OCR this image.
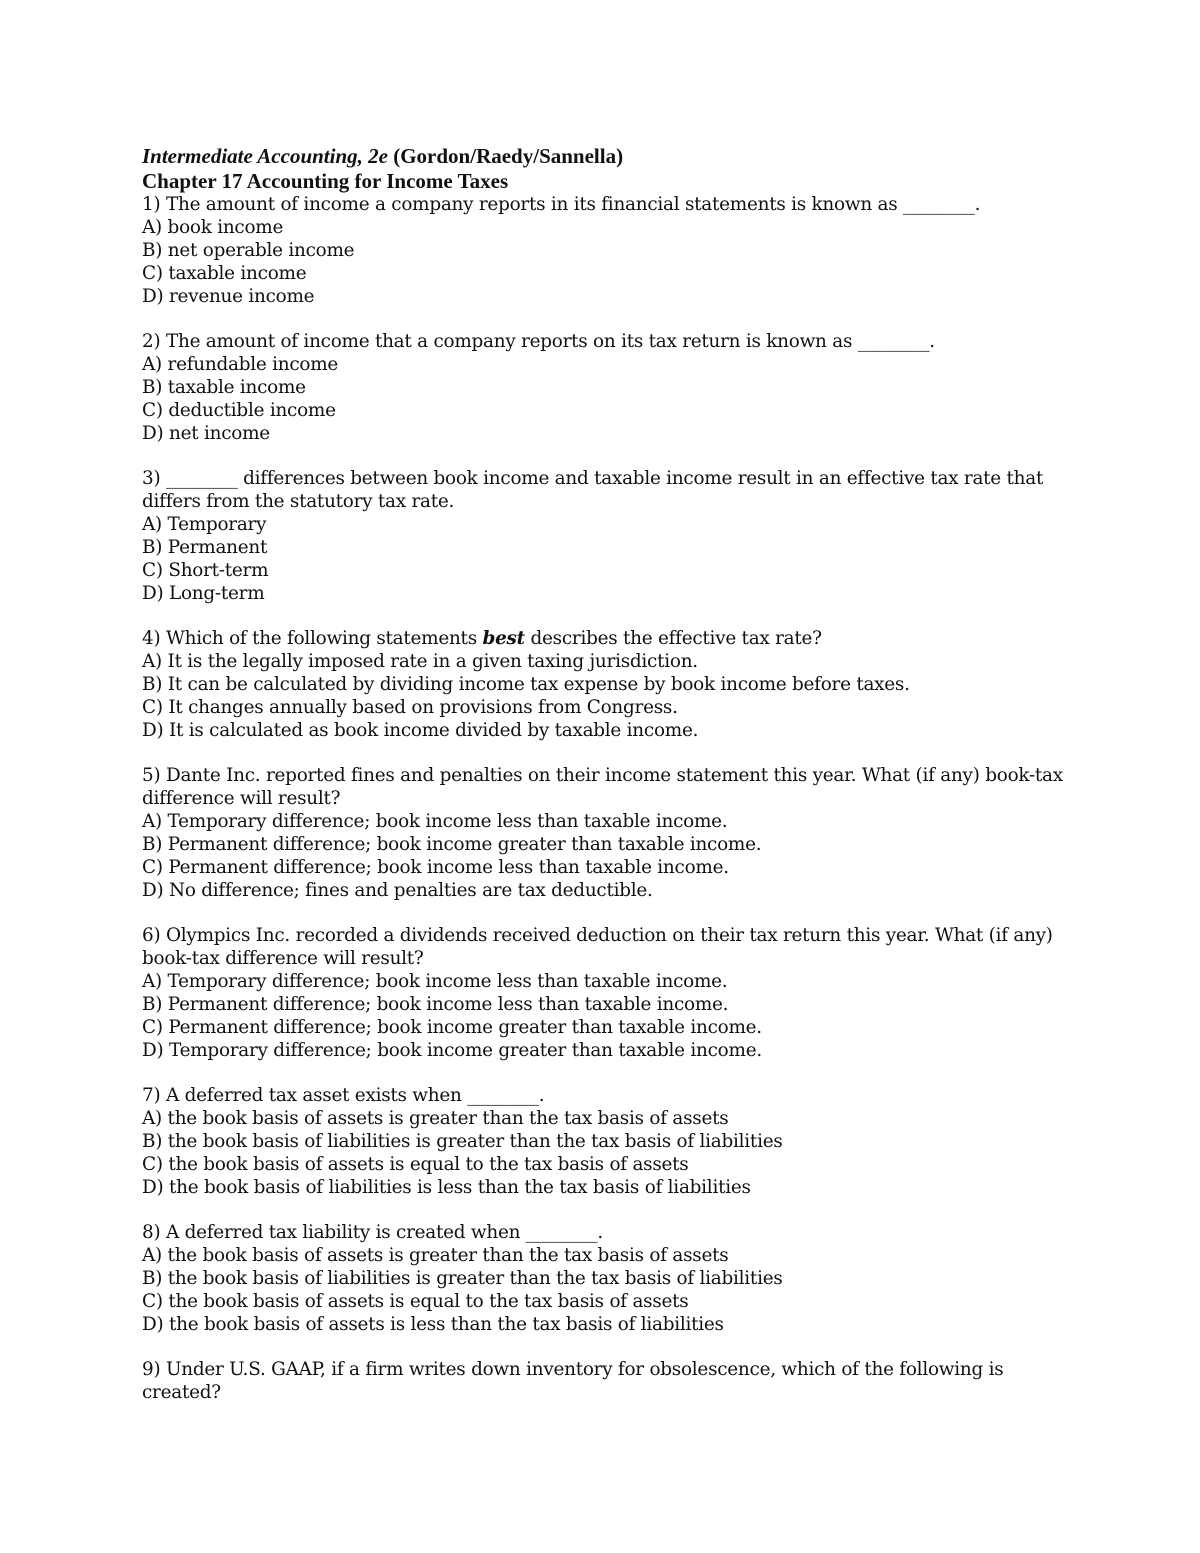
Intermediate Accounting, 2e (Gordon/Raedy/Sannella)
Chapter 17 Accounting for Income Taxes
1) The amount of income a company reports in its financial statements is known as ________.
A) book income
B) net operable income
C) taxable income
D) revenue income
2) The amount of income that a company reports on its tax return is known as ________.
A) refundable income
B) taxable income
C) deductible income
D) net income
3) ________ differences between book income and taxable income result in an effective tax rate that differs from the statutory tax rate.
A) Temporary
B) Permanent
C) Short-term
D) Long-term
4) Which of the following statements best describes the effective tax rate?
A) It is the legally imposed rate in a given taxing jurisdiction.
B) It can be calculated by dividing income tax expense by book income before taxes.
C) It changes annually based on provisions from Congress.
D) It is calculated as book income divided by taxable income.
5) Dante Inc. reported fines and penalties on their income statement this year. What (if any) book-tax difference will result?
A) Temporary difference; book income less than taxable income.
B) Permanent difference; book income greater than taxable income.
C) Permanent difference; book income less than taxable income.
D) No difference; fines and penalties are tax deductible.
6) Olympics Inc. recorded a dividends received deduction on their tax return this year. What (if any) book-tax difference will result?
A) Temporary difference; book income less than taxable income.
B) Permanent difference; book income less than taxable income.
C) Permanent difference; book income greater than taxable income.
D) Temporary difference; book income greater than taxable income.
7) A deferred tax asset exists when ________.
A) the book basis of assets is greater than the tax basis of assets
B) the book basis of liabilities is greater than the tax basis of liabilities
C) the book basis of assets is equal to the tax basis of assets
D) the book basis of liabilities is less than the tax basis of liabilities
8) A deferred tax liability is created when ________.
A) the book basis of assets is greater than the tax basis of assets
B) the book basis of liabilities is greater than the tax basis of liabilities
C) the book basis of assets is equal to the tax basis of assets
D) the book basis of assets is less than the tax basis of liabilities
9) Under U.S. GAAP, if a firm writes down inventory for obsolescence, which of the following is created?
